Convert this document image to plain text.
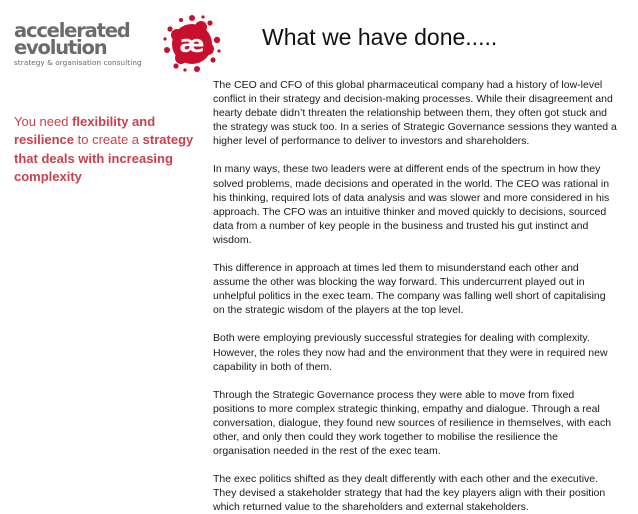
accelerated
evolution
strategy & organisation consulting
æ What we have done.....
You need flexibility and resilience to create a strategy that deals with increasing complexity

The CEO and CFO of this global pharmaceutical company had a history of low-level conflict in their strategy and decision-making processes. While their disagreement and hearty debate didn’t threaten the relationship between them, they often got stuck and the strategy was stuck too. In a series of Strategic Governance sessions they wanted a higher level of performance to deliver to investors and shareholders.

In many ways, these two leaders were at different ends of the spectrum in how they solved problems, made decisions and operated in the world. The CEO was rational in his thinking, required lots of data analysis and was slower and more considered in his approach. The CFO was an intuitive thinker and moved quickly to decisions, sourced data from a number of key people in the business and trusted his gut instinct and wisdom.

This difference in approach at times led them to misunderstand each other and assume the other was blocking the way forward. This undercurrent played out in unhelpful politics in the exec team. The company was falling well short of capitalising on the strategic wisdom of the players at the top level.

Both were employing previously successful strategies for dealing with complexity. However, the roles they now had and the environment that they were in required new capability in both of them.

Through the Strategic Governance process they were able to move from fixed positions to more complex strategic thinking, empathy and dialogue. Through a real conversation, dialogue, they found new sources of resilience in themselves, with each other, and only then could they work together to mobilise the resilience the organisation needed in the rest of the exec team.

The exec politics shifted as they dealt differently with each other and the executive. They devised a stakeholder strategy that had the key players align with their position which returned value to the shareholders and external stakeholders.
